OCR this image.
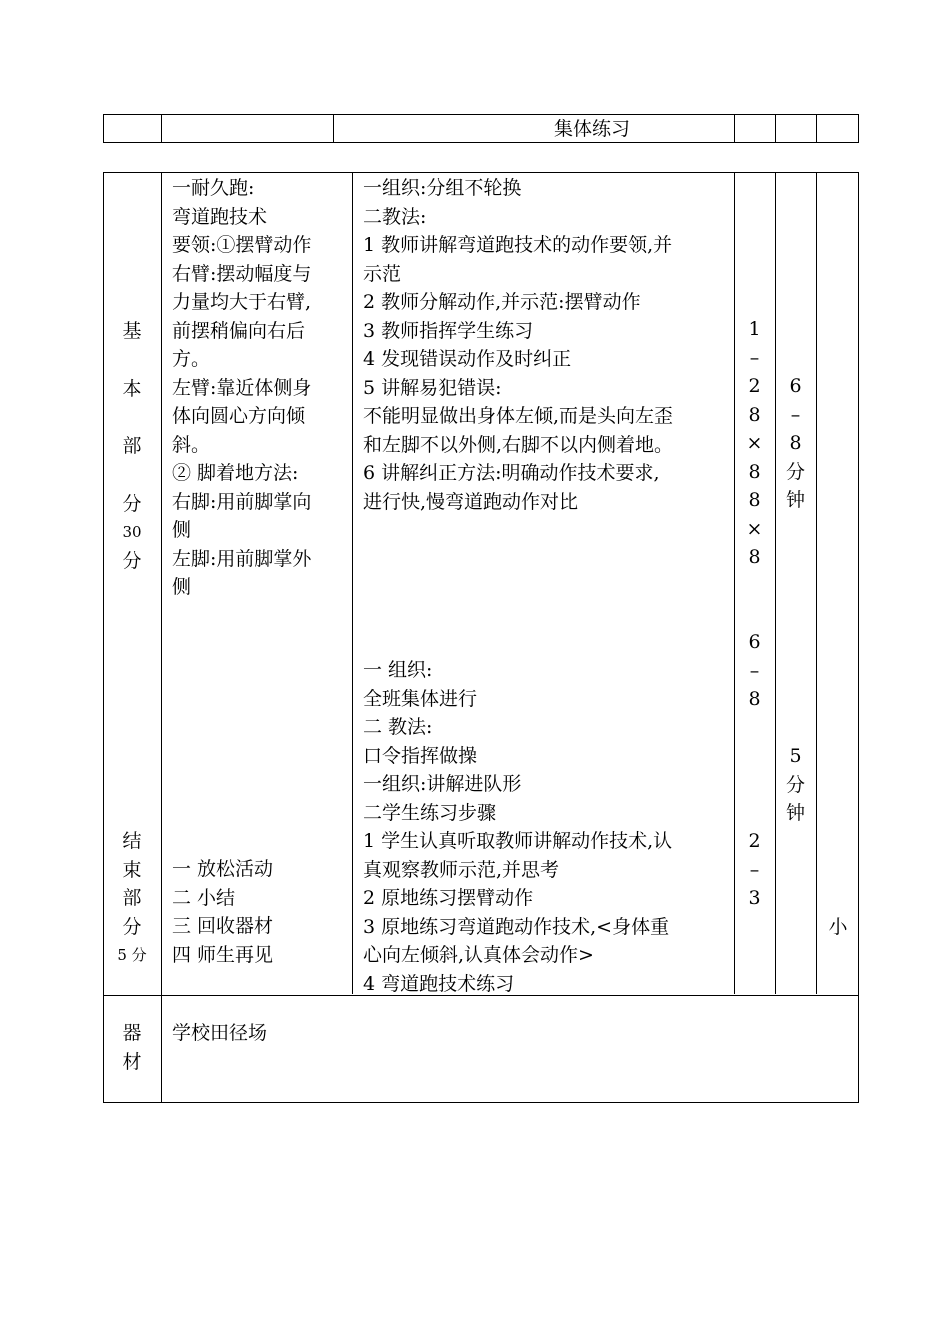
集体练习
基
本
部
分
30
分
一耐久跑:
弯道跑技术
要领:①摆臂动作
右臂:摆动幅度与
力量均大于右臂,
前摆稍偏向右后
方。
左臂:靠近体侧身
体向圆心方向倾
斜。
② 脚着地方法:
右脚:用前脚掌向
侧
左脚:用前脚掌外
侧
一组织:分组不轮换
二教法:
1 教师讲解弯道跑技术的动作要领,并
示范
2 教师分解动作,并示范:摆臂动作
3 教师指挥学生练习
4 发现错误动作及时纠正
5 讲解易犯错误:
不能明显做出身体左倾,而是头向左歪
和左脚不以外侧,右脚不以内侧着地。
6 讲解纠正方法:明确动作技术要求,
进行快,慢弯道跑动作对比
一 组织:
全班集体进行
二 教法:
口令指挥做操
一组织:讲解进队形
二学生练习步骤
1 学生认真听取教师讲解动作技术,认
真观察教师示范,并思考
2 原地练习摆臂动作
3 原地练习弯道跑动作技术,<身体重
心向左倾斜,认真体会动作>
4 弯道跑技术练习
1
–
2
8
×
8
8
×
8
6
–
8
2
–
3
6
–
8
分
钟
5
分
钟
结
束
部
分
5 分
一 放松活动
二 小结
三 回收器材
四 师生再见
小
器
材
学校田径场
